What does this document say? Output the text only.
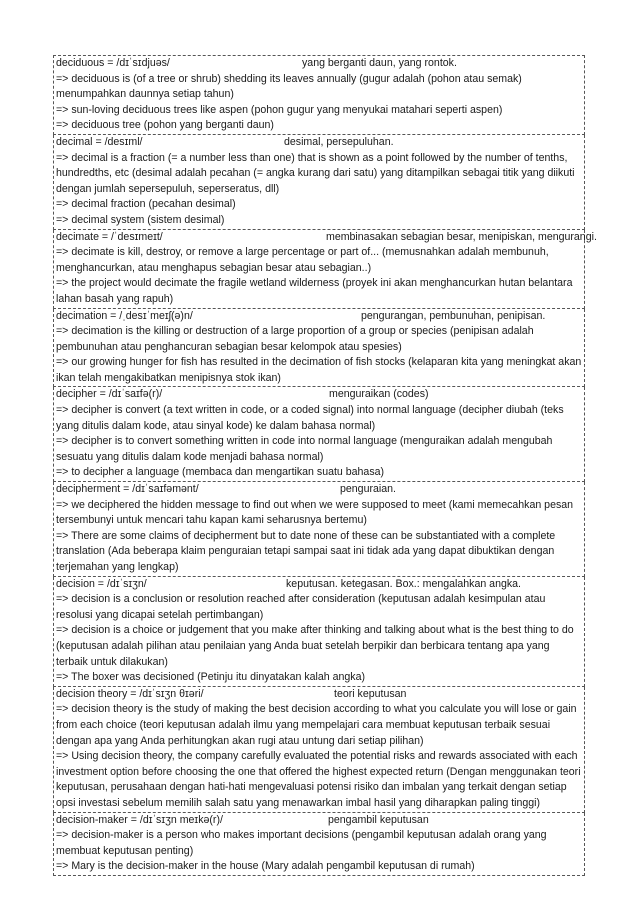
deciduous = /dɪˈsɪdjuəs/	yang berganti daun, yang rontok.
=> deciduous is (of a tree or shrub) shedding its leaves annually (gugur adalah (pohon atau semak) menumpahkan daunnya setiap tahun)
=> sun-loving deciduous trees like aspen (pohon gugur yang menyukai matahari seperti aspen)
=> deciduous tree (pohon yang berganti daun)
decimal = /desɪml/	desimal, persepuluhan.
=> decimal is a fraction (= a number less than one) that is shown as a point followed by the number of tenths, hundredths, etc (desimal adalah pecahan (= angka kurang dari satu) yang ditampilkan sebagai titik yang diikuti dengan jumlah sepersepuluh, seperseratus, dll)
=> decimal fraction (pecahan desimal)
=> decimal system (sistem desimal)
decimate = /ˈdesɪmeɪt/	membinasakan sebagian besar, menipiskan, mengurangi.
=> decimate is kill, destroy, or remove a large percentage or part of... (memusnahkan adalah membunuh, menghancurkan, atau menghapus sebagian besar atau sebagian..)
=> the project would decimate the fragile wetland wilderness (proyek ini akan menghancurkan hutan belantara lahan basah yang rapuh)
decimation = /ˌdesɪˈmeɪʃ(ə)n/	pengurangan, pembunuhan, penipisan.
=> decimation is the killing or destruction of a large proportion of a group or species (penipisan adalah pembunuhan atau penghancuran sebagian besar kelompok atau spesies)
=> our growing hunger for fish has resulted in the decimation of fish stocks (kelaparan kita yang meningkat akan ikan telah mengakibatkan menipisnya stok ikan)
decipher = /dɪˈsaɪfə(r)/	menguraikan (codes)
=> decipher is convert (a text written in code, or a coded signal) into normal language (decipher diubah (teks yang ditulis dalam kode, atau sinyal kode) ke dalam bahasa normal)
=> decipher is to convert something written in code into normal language (menguraikan adalah mengubah sesuatu yang ditulis dalam kode menjadi bahasa normal)
=> to decipher a language (membaca dan mengartikan suatu bahasa)
decipherment = /dɪˈsaɪfəmənt/	penguraian.
=> we deciphered the hidden message to find out when we were supposed to meet (kami memecahkan pesan tersembunyi untuk mencari tahu kapan kami seharusnya bertemu)
=> There are some claims of decipherment but to date none of these can be substantiated with a complete translation (Ada beberapa klaim penguraian tetapi sampai saat ini tidak ada yang dapat dibuktikan dengan terjemahan yang lengkap)
decision = /dɪˈsɪʒn/	keputusan. ketegasan. Box.: mengalahkan angka.
=> decision is a conclusion or resolution reached after consideration (keputusan adalah kesimpulan atau resolusi yang dicapai setelah pertimbangan)
=> decision is a choice or judgement that you make after thinking and talking about what is the best thing to do (keputusan adalah pilihan atau penilaian yang Anda buat setelah berpikir dan berbicara tentang apa yang terbaik untuk dilakukan)
=> The boxer was decisioned (Petinju itu dinyatakan kalah angka)
decision theory = /dɪˈsɪʒn θɪəri/	teori keputusan
=> decision theory is the study of making the best decision according to what you calculate you will lose or gain from each choice (teori keputusan adalah ilmu yang mempelajari cara membuat keputusan terbaik sesuai dengan apa yang Anda perhitungkan akan rugi atau untung dari setiap pilihan)
=> Using decision theory, the company carefully evaluated the potential risks and rewards associated with each investment option before choosing the one that offered the highest expected return (Dengan menggunakan teori keputusan, perusahaan dengan hati-hati mengevaluasi potensi risiko dan imbalan yang terkait dengan setiap opsi investasi sebelum memilih salah satu yang menawarkan imbal hasil yang diharapkan paling tinggi)
decision-maker = /dɪˈsɪʒn meɪkə(r)/	pengambil keputusan
=> decision-maker is a person who makes important decisions (pengambil keputusan adalah orang yang membuat keputusan penting)
=> Mary is the decision-maker in the house (Mary adalah pengambil keputusan di rumah)
